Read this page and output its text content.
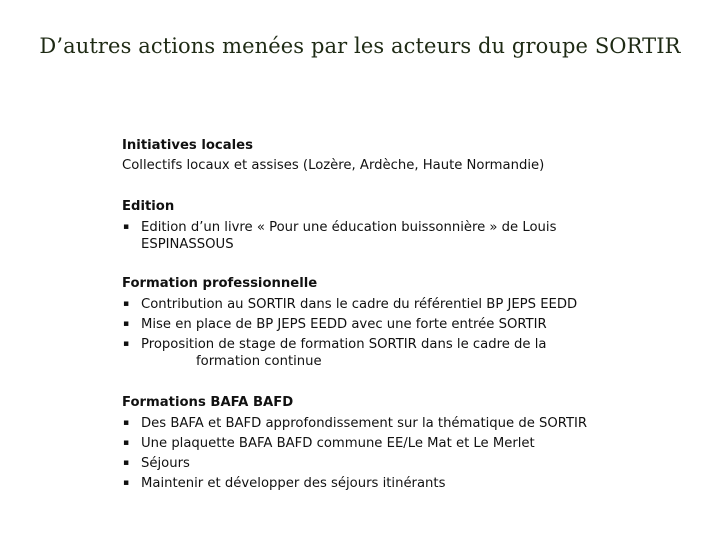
D’autres actions menées par les acteurs du groupe SORTIR
Initiatives locales
Collectifs locaux et assises (Lozère, Ardèche, Haute Normandie)
Edition
▪ Edition d’un livre « Pour une éducation buissonnière » de Louis
ESPINASSOUS
Formation professionnelle
▪ Contribution au SORTIR dans le cadre du référentiel BP JEPS EEDD
▪ Mise en place de BP JEPS EEDD avec une forte entrée SORTIR
▪ Proposition de stage de formation SORTIR dans le cadre de la
formation continue
Formations BAFA BAFD
▪ Des BAFA et BAFD approfondissement sur la thématique de SORTIR
▪ Une plaquette BAFA BAFD commune EE/Le Mat et Le Merlet
▪ Séjours
▪ Maintenir et développer des séjours itinérants
